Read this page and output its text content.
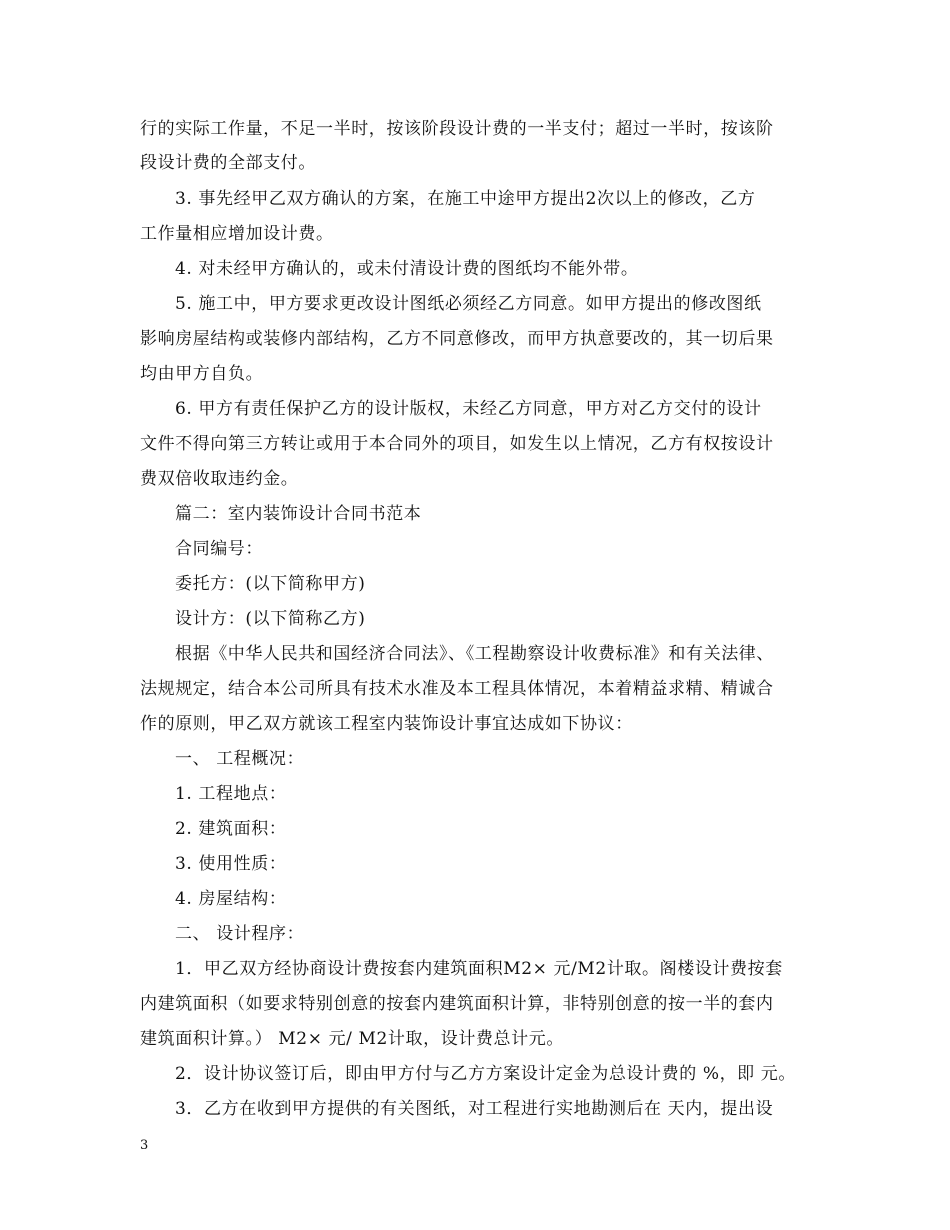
行的实际工作量，不足一半时，按该阶段设计费的一半支付；超过一半时，按该阶
段设计费的全部支付。
3. 事先经甲乙双方确认的方案，在施工中途甲方提出2次以上的修改，乙方
工作量相应增加设计费。
4. 对未经甲方确认的，或未付清设计费的图纸均不能外带。
5. 施工中，甲方要求更改设计图纸必须经乙方同意。如甲方提出的修改图纸
影响房屋结构或装修内部结构，乙方不同意修改，而甲方执意要改的，其一切后果
均由甲方自负。
6. 甲方有责任保护乙方的设计版权，未经乙方同意，甲方对乙方交付的设计
文件不得向第三方转让或用于本合同外的项目，如发生以上情况，乙方有权按设计
费双倍收取违约金。
篇二：室内装饰设计合同书范本
合同编号：
委托方：(以下简称甲方)
设计方：(以下简称乙方)
根据《中华人民共和国经济合同法》、《工程勘察设计收费标准》和有关法律、
法规规定，结合本公司所具有技术水准及本工程具体情况，本着精益求精、精诚合
作的原则，甲乙双方就该工程室内装饰设计事宜达成如下协议：
一、 工程概况：
1. 工程地点：
2. 建筑面积：
3. 使用性质：
4. 房屋结构：
二、 设计程序：
1．甲乙双方经协商设计费按套内建筑面积M2× 元/M2计取。阁楼设计费按套
内建筑面积（如要求特别创意的按套内建筑面积计算，非特别创意的按一半的套内
建筑面积计算。） M2× 元/ M2计取，设计费总计元。
2．设计协议签订后，即由甲方付与乙方方案设计定金为总设计费的 %，即 元。
3．乙方在收到甲方提供的有关图纸，对工程进行实地勘测后在 天内，提出设
3
